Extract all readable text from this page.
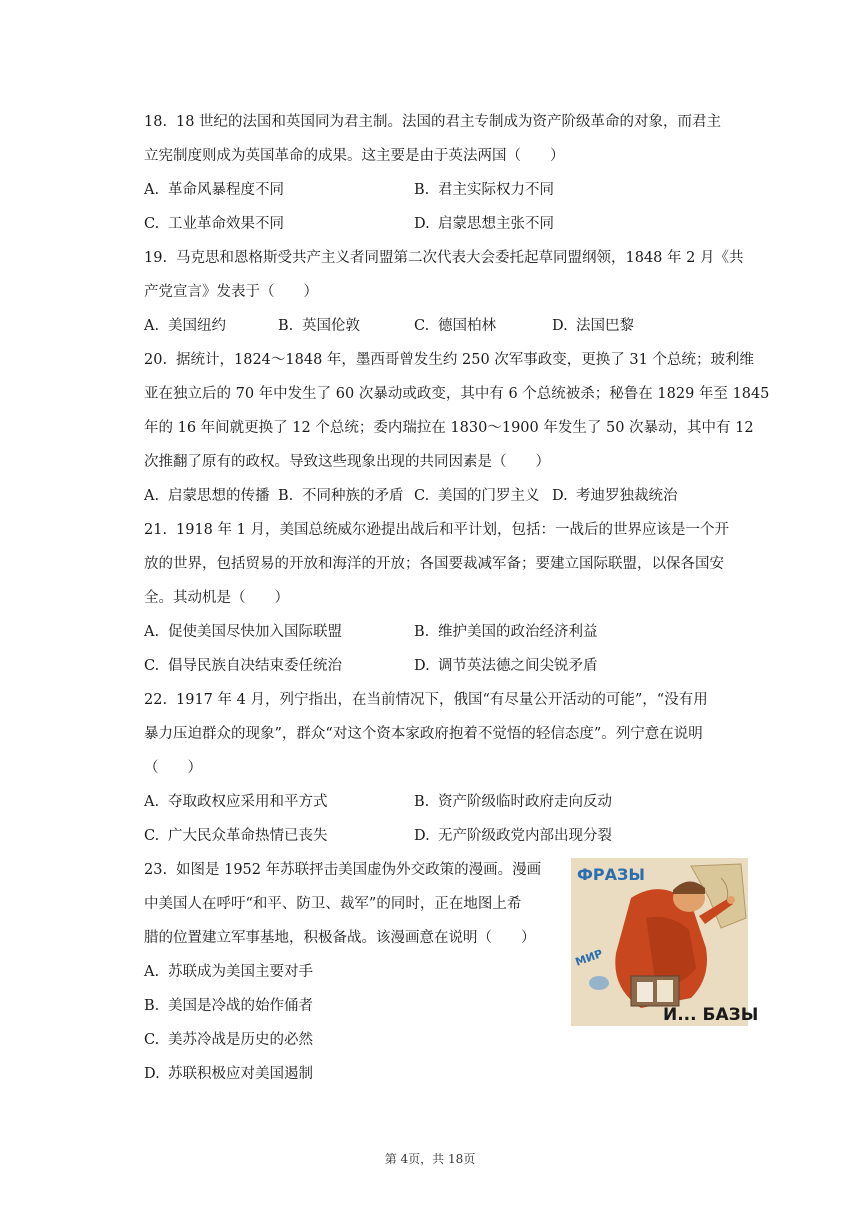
18. 18 世纪的法国和英国同为君主制。法国的君主专制成为资产阶级革命的对象，而君主
立宪制度则成为英国革命的成果。这主要是由于英法两国（　　）
A. 革命风暴程度不同	B. 君主实际权力不同
C. 工业革命效果不同	D. 启蒙思想主张不同
19. 马克思和恩格斯受共产主义者同盟第二次代表大会委托起草同盟纲领，1848 年 2 月《共
产党宣言》发表于（　　）
A. 美国纽约	B. 英国伦敦	C. 德国柏林	D. 法国巴黎
20. 据统计，1824～1848 年，墨西哥曾发生约 250 次军事政变，更换了 31 个总统；玻利维
亚在独立后的 70 年中发生了 60 次暴动或政变，其中有 6 个总统被杀；秘鲁在 1829 年至 1845
年的 16 年间就更换了 12 个总统；委内瑞拉在 1830～1900 年发生了 50 次暴动，其中有 12
次推翻了原有的政权。导致这些现象出现的共同因素是（　　）
A. 启蒙思想的传播 B. 不同种族的矛盾 C. 美国的门罗主义 D. 考迪罗独裁统治
21. 1918 年 1 月，美国总统威尔逊提出战后和平计划，包括：一战后的世界应该是一个开
放的世界，包括贸易的开放和海洋的开放；各国要裁减军备；要建立国际联盟，以保各国安
全。其动机是（　　）
A. 促使美国尽快加入国际联盟	B. 维护美国的政治经济利益
C. 倡导民族自决结束委任统治	D. 调节英法德之间尖锐矛盾
22. 1917 年 4 月，列宁指出，在当前情况下，俄国“有尽量公开活动的可能”，“没有用
暴力压迫群众的现象”，群众“对这个资本家政府抱着不觉悟的轻信态度”。列宁意在说明
（　　）
A. 夺取政权应采用和平方式	B. 资产阶级临时政府走向反动
C. 广大民众革命热情已丧失	D. 无产阶级政党内部出现分裂
23. 如图是 1952 年苏联抨击美国虚伪外交政策的漫画。漫画
中美国人在呼吁“和平、防卫、裁军”的同时，正在地图上希
腊的位置建立军事基地，积极备战。该漫画意在说明（　　）
A. 苏联成为美国主要对手
B. 美国是冷战的始作俑者
C. 美苏冷战是历史的必然
D. 苏联积极应对美国遏制
МИР
ФРАЗЫ
И... БАЗЫ
第 4页，共 18页
